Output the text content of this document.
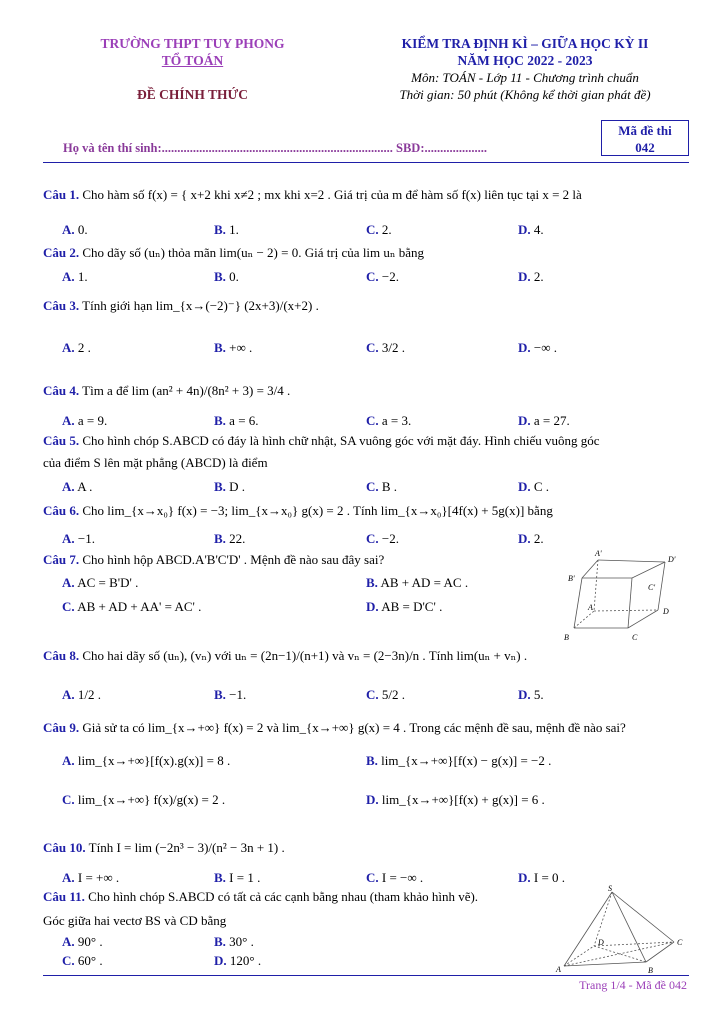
TRƯỜNG THPT TUY PHONG
TỔ TOÁN
ĐỀ CHÍNH THỨC
KIỂM TRA ĐỊNH KÌ – GIỮA HỌC KỲ II
NĂM HỌC 2022 - 2023
Môn: TOÁN - Lớp 11 - Chương trình chuẩn
Thời gian: 50 phút (Không kể thời gian phát đề)
Mã đề thi
042
Họ và tên thí sinh:.......................................................................... SBD:....................
Câu 1. Cho hàm số f(x) = { x+2 khi x≠2 ; mx khi x=2 . Giá trị của m để hàm số f(x) liên tục tại x = 2 là
A. 0.	B. 1.	C. 2.	D. 4.
Câu 2. Cho dãy số (uₙ) thỏa mãn lim(uₙ − 2) = 0. Giá trị của lim uₙ bằng
A. 1.	B. 0.	C. −2.	D. 2.
Câu 3. Tính giới hạn lim_{x→(−2)⁻} (2x+3)/(x+2) .
A. 2 .	B. +∞ .	C. 3/2 .	D. −∞ .
Câu 4. Tìm a để lim (an² + 4n)/(8n² + 3) = 3/4 .
A. a = 9.	B. a = 6.	C. a = 3.	D. a = 27.
Câu 5. Cho hình chóp S.ABCD có đáy là hình chữ nhật, SA vuông góc với mặt đáy. Hình chiếu vuông góc
của điểm S lên mặt phẳng (ABCD) là điểm
A. A .	B. D .	C. B .	D. C .
Câu 6. Cho lim_{x→x₀} f(x) = −3; lim_{x→x₀} g(x) = 2 . Tính lim_{x→x₀}[4f(x) + 5g(x)] bằng
A. −1.	B. 22.	C. −2.	D. 2.
Câu 7. Cho hình hộp ABCD.A'B'C'D' . Mệnh đề nào sau đây sai?
A. AC = B'D' .	B. AB + AD = AC .
C. AB + AD + AA' = AC' .	D. AB = D'C' .
A'
D'
B'
C'
A	D
B	C
Câu 8. Cho hai dãy số (uₙ), (vₙ) với uₙ = (2n−1)/(n+1) và vₙ = (2−3n)/n . Tính lim(uₙ + vₙ) .
A. 1/2 .	B. −1.	C. 5/2 .	D. 5.
Câu 9. Giả sử ta có lim_{x→+∞} f(x) = 2 và lim_{x→+∞} g(x) = 4 . Trong các mệnh đề sau, mệnh đề nào sai?
A. lim_{x→+∞}[f(x).g(x)] = 8 .	B. lim_{x→+∞}[f(x) − g(x)] = −2 .
C. lim_{x→+∞} f(x)/g(x) = 2 .	D. lim_{x→+∞}[f(x) + g(x)] = 6 .
Câu 10. Tính I = lim (−2n³ − 3)/(n² − 3n + 1) .
A. I = +∞ .	B. I = 1 .	C. I = −∞ .	D. I = 0 .
Câu 11. Cho hình chóp S.ABCD có tất cả các cạnh bằng nhau (tham khảo hình vẽ).
Góc giữa hai vectơ BS và CD bằng
A. 90° .	B. 30° .
C. 60° .	D. 120° .
S
D	C
A	B
Trang 1/4 - Mã đề 042
